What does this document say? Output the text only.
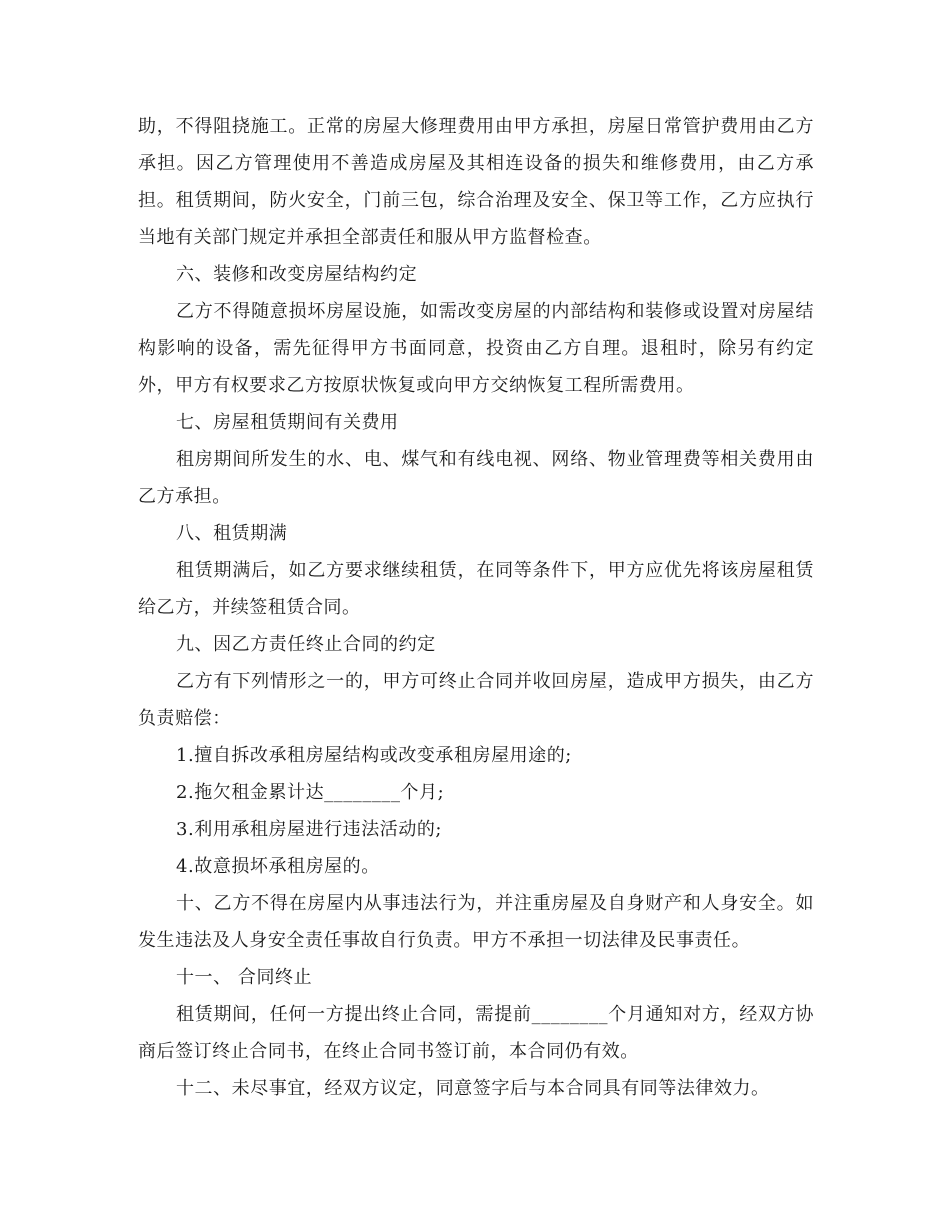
助，不得阻挠施工。正常的房屋大修理费用由甲方承担，房屋日常管护费用由乙方承担。因乙方管理使用不善造成房屋及其相连设备的损失和维修费用，由乙方承担。租赁期间，防火安全，门前三包，综合治理及安全、保卫等工作，乙方应执行当地有关部门规定并承担全部责任和服从甲方监督检查。

六、装修和改变房屋结构约定

乙方不得随意损坏房屋设施，如需改变房屋的内部结构和装修或设置对房屋结构影响的设备，需先征得甲方书面同意，投资由乙方自理。退租时，除另有约定外，甲方有权要求乙方按原状恢复或向甲方交纳恢复工程所需费用。

七、房屋租赁期间有关费用

租房期间所发生的水、电、煤气和有线电视、网络、物业管理费等相关费用由乙方承担。

八、租赁期满

租赁期满后，如乙方要求继续租赁，在同等条件下，甲方应优先将该房屋租赁给乙方，并续签租赁合同。

九、因乙方责任终止合同的约定

乙方有下列情形之一的，甲方可终止合同并收回房屋，造成甲方损失，由乙方负责赔偿：

1.擅自拆改承租房屋结构或改变承租房屋用途的;

2.拖欠租金累计达________个月;

3.利用承租房屋进行违法活动的;

4.故意损坏承租房屋的。

十、乙方不得在房屋内从事违法行为，并注重房屋及自身财产和人身安全。如发生违法及人身安全责任事故自行负责。甲方不承担一切法律及民事责任。

十一、 合同终止

租赁期间，任何一方提出终止合同，需提前________个月通知对方，经双方协商后签订终止合同书，在终止合同书签订前，本合同仍有效。

十二、未尽事宜，经双方议定，同意签字后与本合同具有同等法律效力。
